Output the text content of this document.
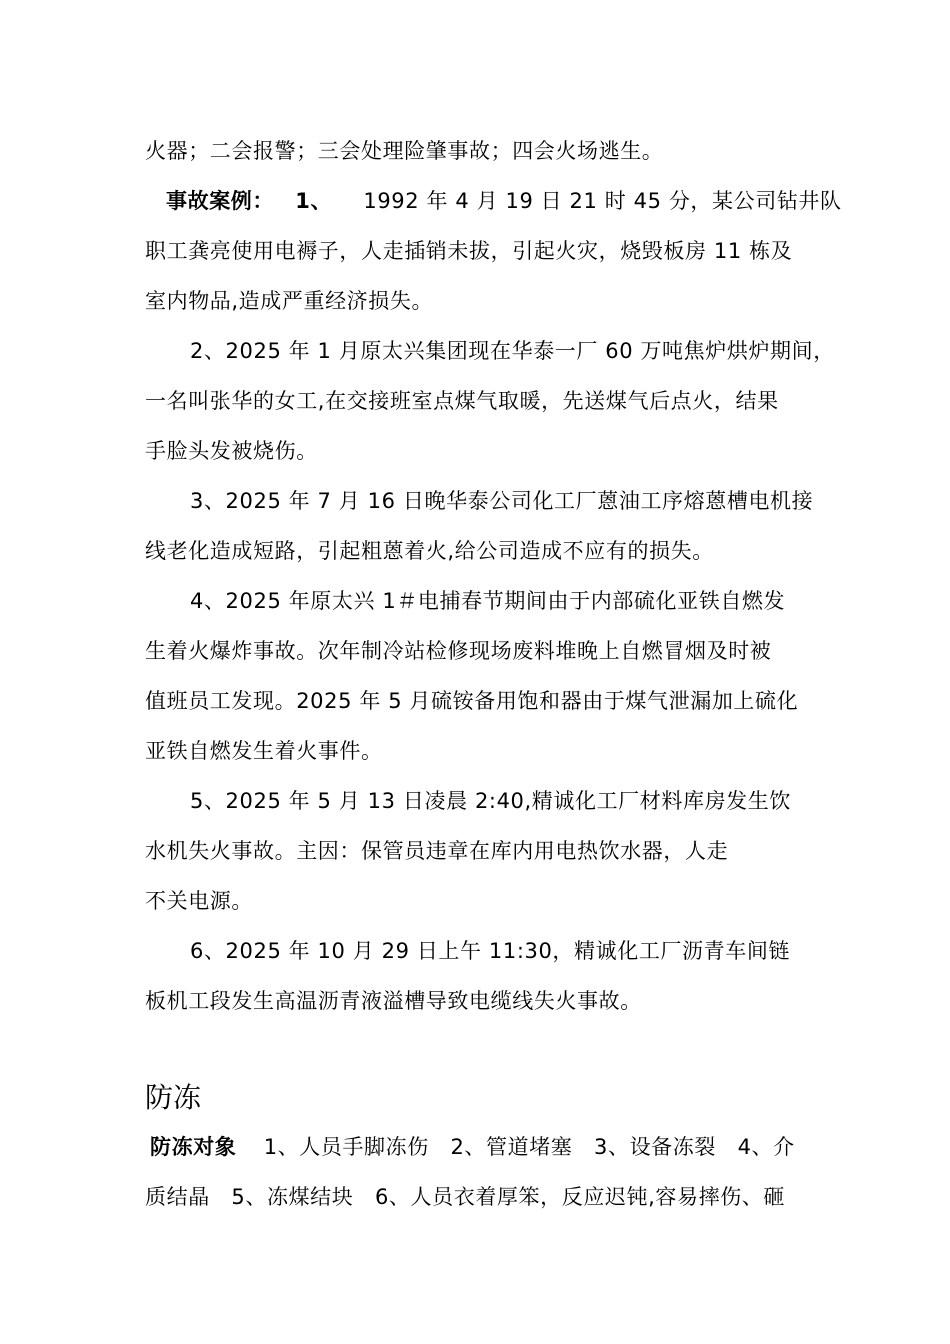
火器；二会报警；三会处理险肇事故；四会火场逃生。
事故案例： 1、 1992 年 4 月 19 日 21 时 45 分，某公司钻井队
职工龚亮使用电褥子，人走插销未拔，引起火灾，烧毁板房 11 栋及
室内物品,造成严重经济损失。
2、2025 年 1 月原太兴集团现在华泰一厂 60 万吨焦炉烘炉期间，
一名叫张华的女工,在交接班室点煤气取暖，先送煤气后点火，结果
手脸头发被烧伤。
3、2025 年 7 月 16 日晚华泰公司化工厂蒽油工序熔蒽槽电机接
线老化造成短路，引起粗蒽着火,给公司造成不应有的损失。
4、2025 年原太兴 1＃电捕春节期间由于内部硫化亚铁自燃发
生着火爆炸事故。次年制冷站检修现场废料堆晚上自燃冒烟及时被
值班员工发现。2025 年 5 月硫铵备用饱和器由于煤气泄漏加上硫化
亚铁自燃发生着火事件。
5、2025 年 5 月 13 日凌晨 2:40,精诚化工厂材料库房发生饮
水机失火事故。主因：保管员违章在库内用电热饮水器，人走
不关电源。
6、2025 年 10 月 29 日上午 11:30，精诚化工厂沥青车间链
板机工段发生高温沥青液溢槽导致电缆线失火事故。
防冻
防冻对象 1、人员手脚冻伤　2、管道堵塞　3、设备冻裂　4、介
质结晶　5、冻煤结块　6、人员衣着厚笨，反应迟钝,容易摔伤、砸
